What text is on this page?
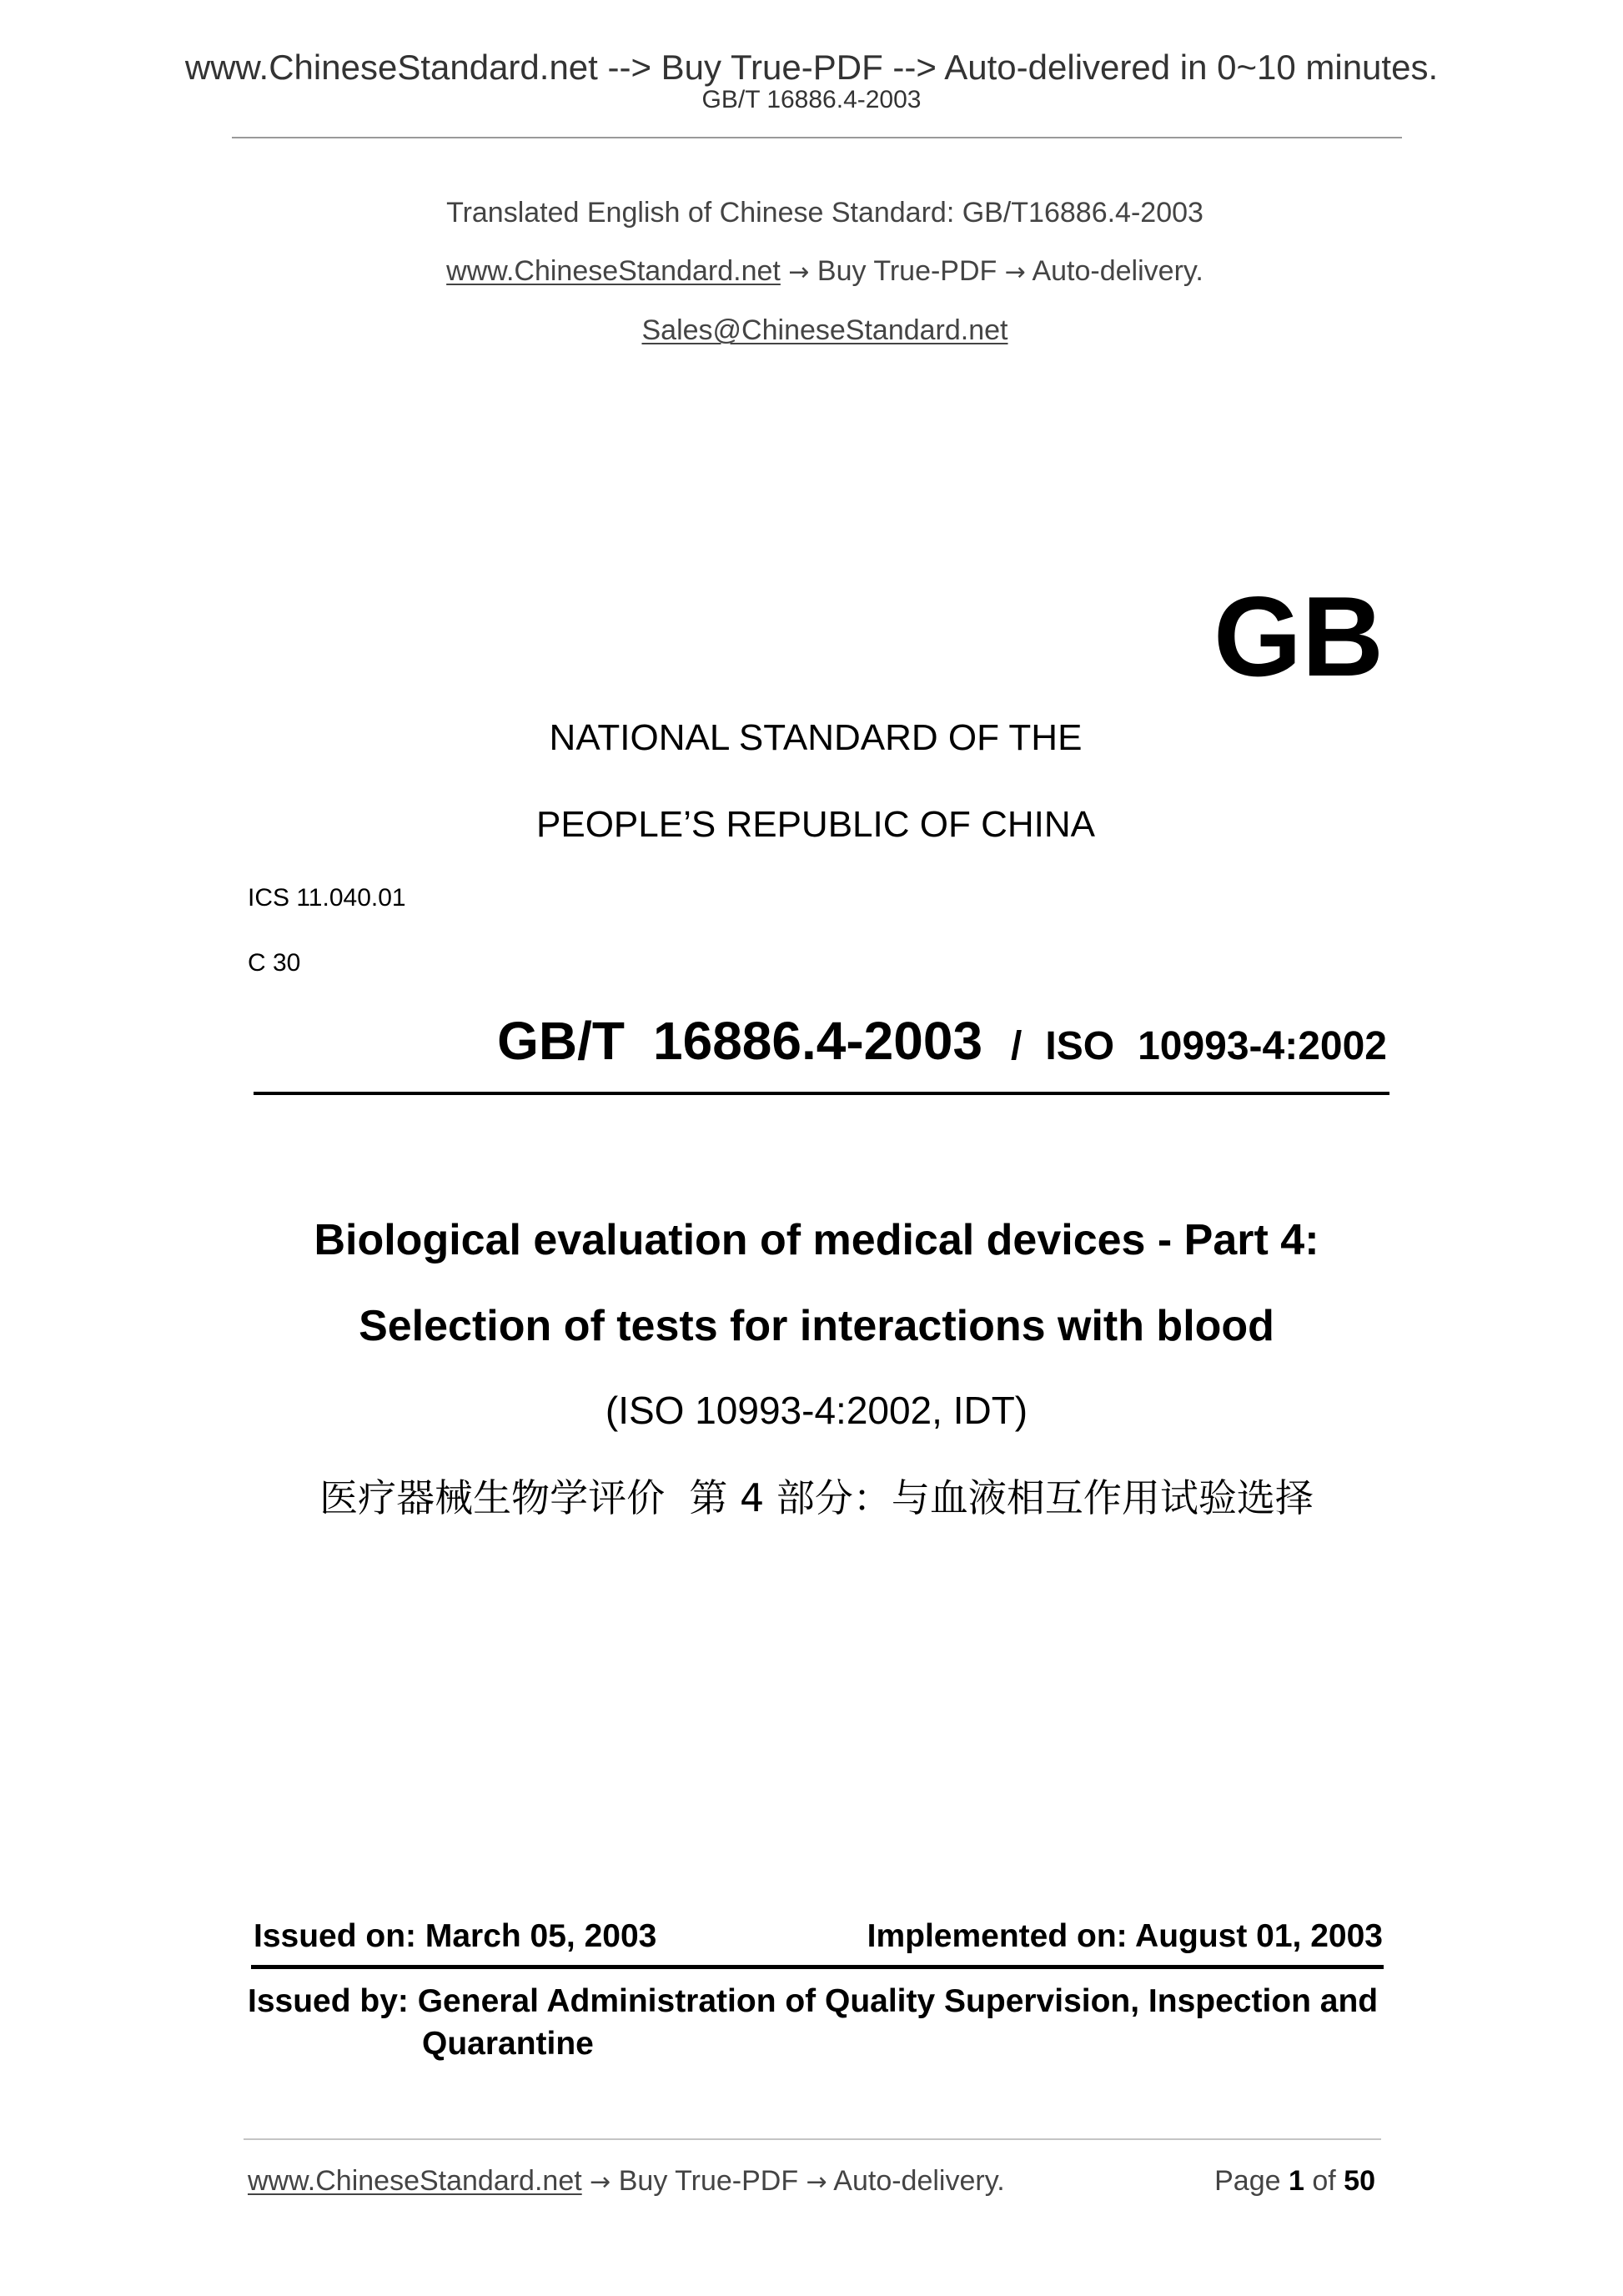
www.ChineseStandard.net --> Buy True-PDF --> Auto-delivered in 0~10 minutes.
GB/T 16886.4-2003
Translated English of Chinese Standard: GB/T16886.4-2003
www.ChineseStandard.net → Buy True-PDF → Auto-delivery.
Sales@ChineseStandard.net
GB
NATIONAL STANDARD OF THE
PEOPLE’S REPUBLIC OF CHINA
ICS 11.040.01
C 30
GB/T 16886.4-2003 / ISO 10993-4:2002
Biological evaluation of medical devices - Part 4:
Selection of tests for interactions with blood
(ISO 10993-4:2002, IDT)
医疗器械生物学评价  第 4 部分：与血液相互作用试验选择
Issued on: March 05, 2003	Implemented on: August 01, 2003
Issued by: General Administration of Quality Supervision, Inspection and
Quarantine
www.ChineseStandard.net → Buy True-PDF → Auto-delivery.	Page 1 of 50
